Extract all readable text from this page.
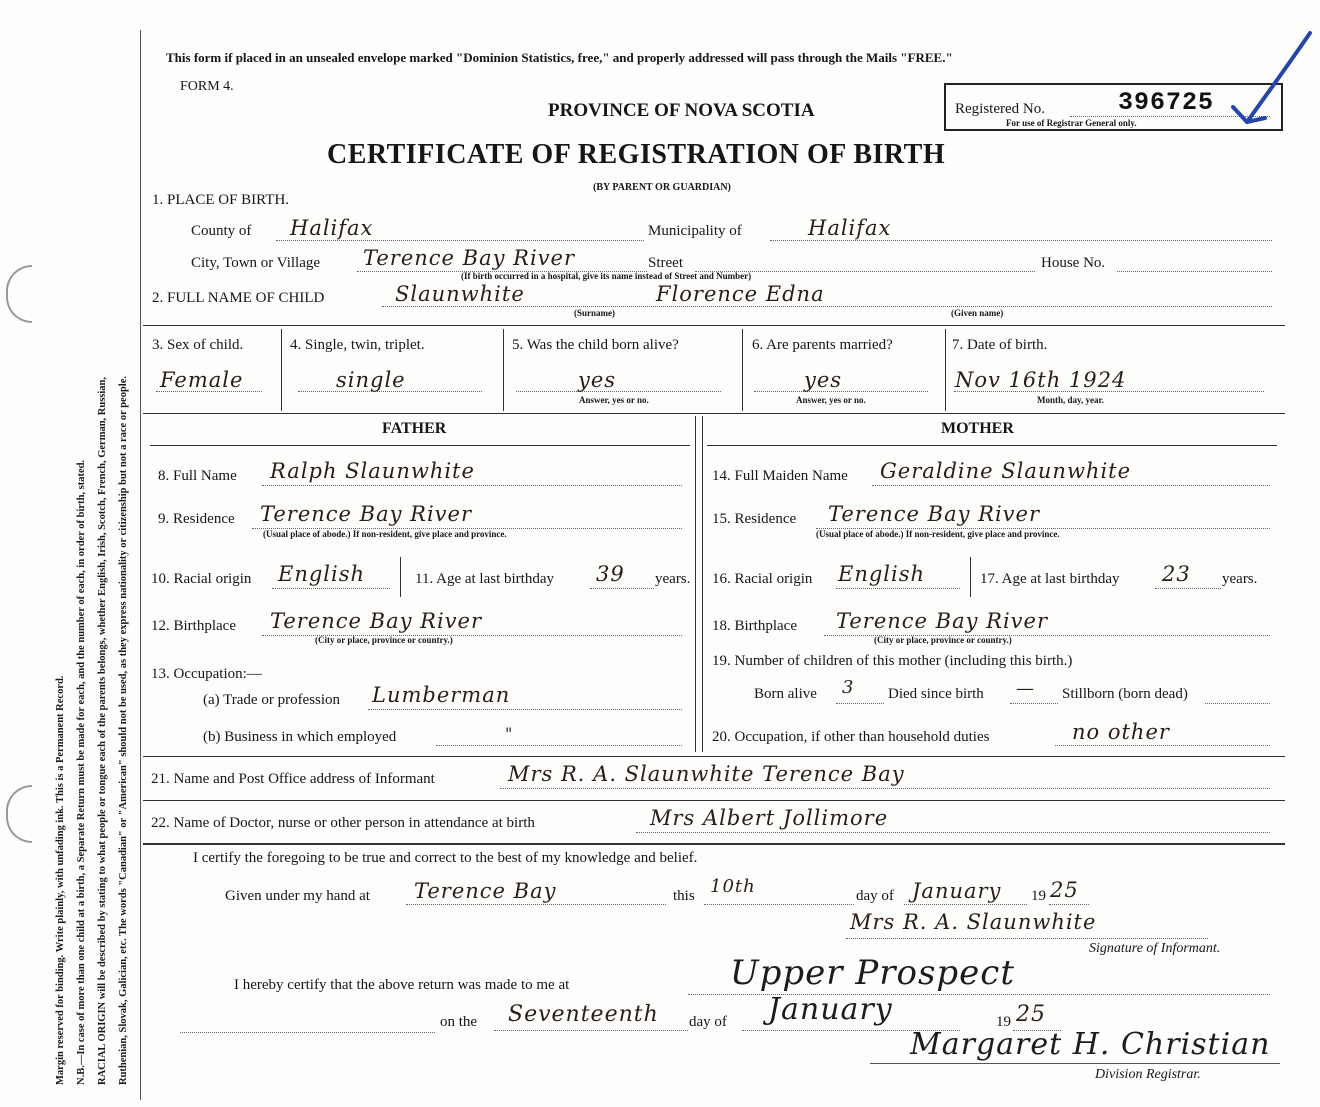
Margin reserved for binding. Write plainly, with unfading ink. This is a Permanent Record. N.B.—In case of more than one child at a birth, a Separate Return must be made for each, and the number of each, in order of birth, stated. RACIAL ORIGIN will be described by stating to what people or tongue each of the parents belongs, whether English, Irish, Scotch, French, German, Russian, Ruthenian, Slovak, Galician, etc. The words "Canadian" or "American" should not be used, as they express nationality or citizenship but not a race or people.
This form if placed in an unsealed envelope marked "Dominion Statistics, free," and properly addressed will pass through the Mails "FREE."
FORM 4.
PROVINCE OF NOVA SCOTIA	Registered No.
For use of Registrar General only.
396725
CERTIFICATE OF REGISTRATION OF BIRTH
(BY PARENT OR GUARDIAN)
1. PLACE OF BIRTH.
County of Halifax	Municipality of	Halifax
City, Town or Village Terence Bay River	Street	House No.
(If birth occurred in a hospital, give its name instead of Street and Number)
2. FULL NAME OF CHILD	Slaunwhite	Florence Edna
(Surname)	(Given name)
3. Sex of child.
Female
4. Single, twin, triplet.
single
5. Was the child born alive?
yes
Answer, yes or no.
6. Are parents married?
yes
Answer, yes or no.
7. Date of birth.
Nov 16th 1924
Month, day, year.
FATHER	MOTHER
8. Full Name Ralph Slaunwhite
9. Residence Terence Bay River
(Usual place of abode.) If non-resident, give place and province.
10. Racial origin English	11. Age at last birthday 39 years.
12. Birthplace Terence Bay River
(City or place, province or country.)
13. Occupation:—
(a) Trade or profession Lumberman
(b) Business in which employed	"
14. Full Maiden Name Geraldine Slaunwhite
15. Residence Terence Bay River
(Usual place of abode.) If non-resident, give place and province.
16. Racial origin English	17. Age at last birthday 23 years.
18. Birthplace Terence Bay River
(City or place, province or country.)
19. Number of children of this mother (including this birth.)
Born alive 3 Died since birth — Stillborn (born dead)
20. Occupation, if other than household duties	no other
21. Name and Post Office address of Informant	Mrs R. A. Slaunwhite Terence Bay
22. Name of Doctor, nurse or other person in attendance at birth	Mrs Albert Jollimore
I certify the foregoing to be true and correct to the best of my knowledge and belief.
Given under my hand at Terence Bay	this 10th	day of January 19 25
Mrs R. A. Slaunwhite
Signature of Informant.
I hereby certify that the above return was made to me at	Upper Prospect
on the Seventeenth day of January	19 25
Margaret H. Christian
Division Registrar.
